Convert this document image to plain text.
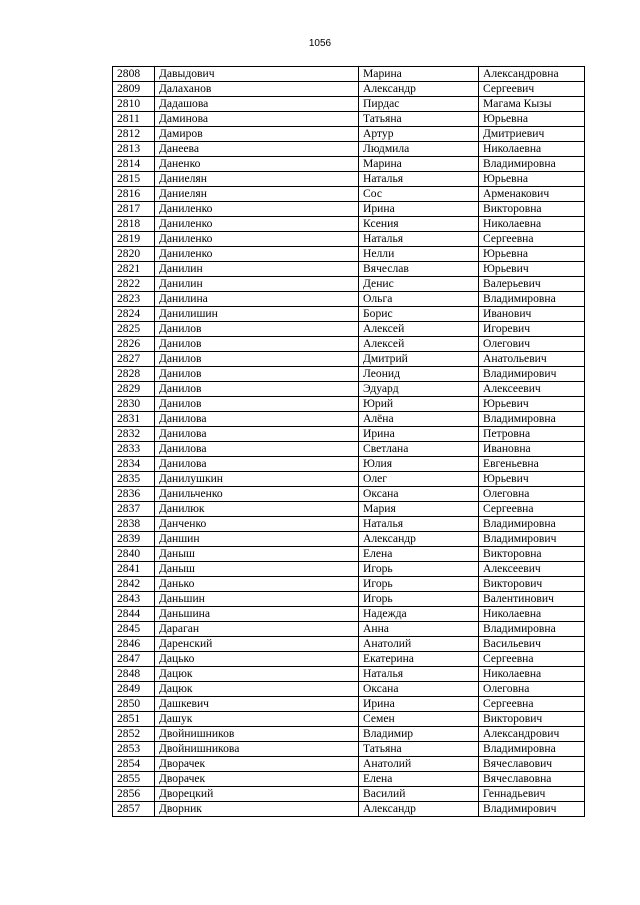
1056
2808	Давыдович	Марина	Александровна
2809	Далаханов	Александр	Сергеевич
2810	Дадашова	Пирдас	Магама Кызы
2811	Даминова	Татьяна	Юрьевна
2812	Дамиров	Артур	Дмитриевич
2813	Данеева	Людмила	Николаевна
2814	Даненко	Марина	Владимировна
2815	Даниелян	Наталья	Юрьевна
2816	Даниелян	Сос	Арменакович
2817	Даниленко	Ирина	Викторовна
2818	Даниленко	Ксения	Николаевна
2819	Даниленко	Наталья	Сергеевна
2820	Даниленко	Нелли	Юрьевна
2821	Данилин	Вячеслав	Юрьевич
2822	Данилин	Денис	Валерьевич
2823	Данилина	Ольга	Владимировна
2824	Данилишин	Борис	Иванович
2825	Данилов	Алексей	Игоревич
2826	Данилов	Алексей	Олегович
2827	Данилов	Дмитрий	Анатольевич
2828	Данилов	Леонид	Владимирович
2829	Данилов	Эдуард	Алексеевич
2830	Данилов	Юрий	Юрьевич
2831	Данилова	Алёна	Владимировна
2832	Данилова	Ирина	Петровна
2833	Данилова	Светлана	Ивановна
2834	Данилова	Юлия	Евгеньевна
2835	Данилушкин	Олег	Юрьевич
2836	Данильченко	Оксана	Олеговна
2837	Данилюк	Мария	Сергеевна
2838	Данченко	Наталья	Владимировна
2839	Даншин	Александр	Владимирович
2840	Даныш	Елена	Викторовна
2841	Даныш	Игорь	Алексеевич
2842	Данько	Игорь	Викторович
2843	Даньшин	Игорь	Валентинович
2844	Даньшина	Надежда	Николаевна
2845	Дараган	Анна	Владимировна
2846	Даренский	Анатолий	Васильевич
2847	Дацько	Екатерина	Сергеевна
2848	Дацюк	Наталья	Николаевна
2849	Дацюк	Оксана	Олеговна
2850	Дашкевич	Ирина	Сергеевна
2851	Дашук	Семен	Викторович
2852	Двойнишников	Владимир	Александрович
2853	Двойнишникова	Татьяна	Владимировна
2854	Дворачек	Анатолий	Вячеславович
2855	Дворачек	Елена	Вячеславовна
2856	Дворецкий	Василий	Геннадьевич
2857	Дворник	Александр	Владимирович
